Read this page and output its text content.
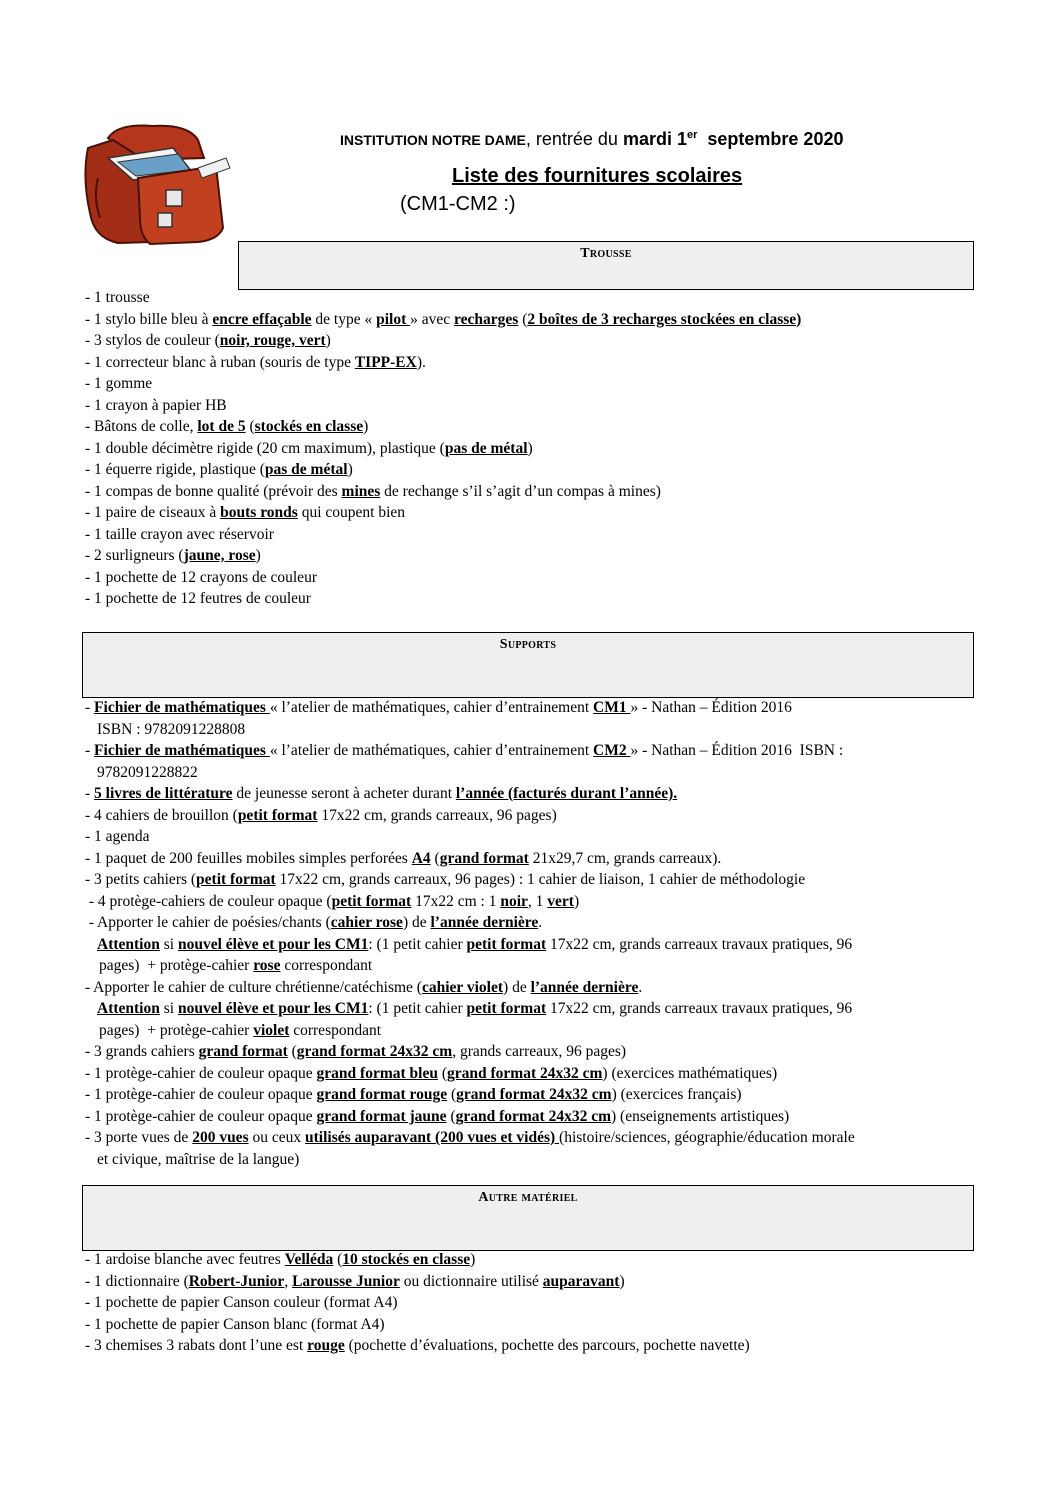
INSTITUTION NOTRE DAME, rentrée du mardi 1er  septembre 2020
Liste des fournitures scolaires
(CM1-CM2 :)
Trousse
- 1 trousse
- 1 stylo bille bleu à encre effaçable de type « pilot » avec recharges (2 boîtes de 3 recharges stockées en classe)
- 3 stylos de couleur (noir, rouge, vert)
- 1 correcteur blanc à ruban (souris de type TIPP-EX).
- 1 gomme
- 1 crayon à papier HB
- Bâtons de colle, lot de 5 (stockés en classe)
- 1 double décimètre rigide (20 cm maximum), plastique (pas de métal)
- 1 équerre rigide, plastique (pas de métal)
- 1 compas de bonne qualité (prévoir des mines de rechange s’il s’agit d’un compas à mines)
- 1 paire de ciseaux à bouts ronds qui coupent bien
- 1 taille crayon avec réservoir
- 2 surligneurs (jaune, rose)
- 1 pochette de 12 crayons de couleur
- 1 pochette de 12 feutres de couleur
Supports
- Fichier de mathématiques « l’atelier de mathématiques, cahier d’entrainement CM1 » - Nathan – Édition 2016
ISBN : 9782091228808
- Fichier de mathématiques « l’atelier de mathématiques, cahier d’entrainement CM2 » - Nathan – Édition 2016  ISBN :
9782091228822
- 5 livres de littérature de jeunesse seront à acheter durant l’année (facturés durant l’année).
- 4 cahiers de brouillon (petit format 17x22 cm, grands carreaux, 96 pages)
- 1 agenda
- 1 paquet de 200 feuilles mobiles simples perforées A4 (grand format 21x29,7 cm, grands carreaux).
- 3 petits cahiers (petit format 17x22 cm, grands carreaux, 96 pages) : 1 cahier de liaison, 1 cahier de méthodologie
- 4 protège-cahiers de couleur opaque (petit format 17x22 cm : 1 noir, 1 vert)
- Apporter le cahier de poésies/chants (cahier rose) de l’année dernière.
Attention si nouvel élève et pour les CM1: (1 petit cahier petit format 17x22 cm, grands carreaux travaux pratiques, 96
pages)  + protège-cahier rose correspondant
- Apporter le cahier de culture chrétienne/catéchisme (cahier violet) de l’année dernière.
Attention si nouvel élève et pour les CM1: (1 petit cahier petit format 17x22 cm, grands carreaux travaux pratiques, 96
pages)  + protège-cahier violet correspondant
- 3 grands cahiers grand format (grand format 24x32 cm, grands carreaux, 96 pages)
- 1 protège-cahier de couleur opaque grand format bleu (grand format 24x32 cm) (exercices mathématiques)
- 1 protège-cahier de couleur opaque grand format rouge (grand format 24x32 cm) (exercices français)
- 1 protège-cahier de couleur opaque grand format jaune (grand format 24x32 cm) (enseignements artistiques)
- 3 porte vues de 200 vues ou ceux utilisés auparavant (200 vues et vidés) (histoire/sciences, géographie/éducation morale
et civique, maîtrise de la langue)
Autre matériel
- 1 ardoise blanche avec feutres Velléda (10 stockés en classe)
- 1 dictionnaire (Robert-Junior, Larousse Junior ou dictionnaire utilisé auparavant)
- 1 pochette de papier Canson couleur (format A4)
- 1 pochette de papier Canson blanc (format A4)
- 3 chemises 3 rabats dont l’une est rouge (pochette d’évaluations, pochette des parcours, pochette navette)
